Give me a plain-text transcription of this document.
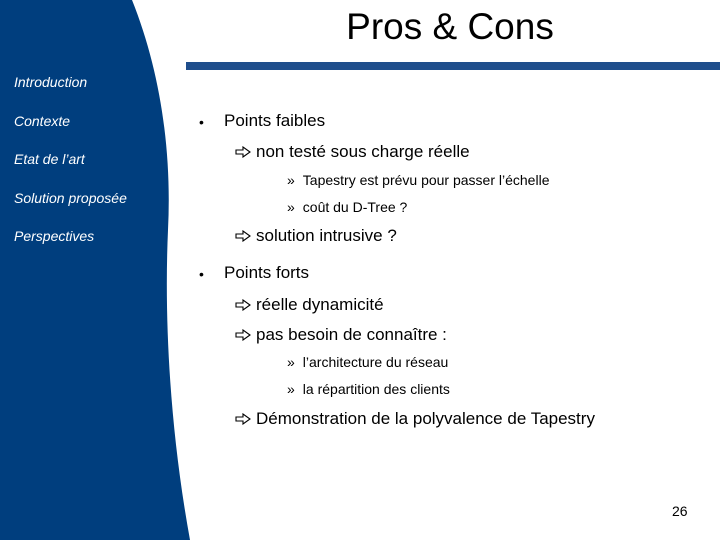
Pros & Cons
Introduction
Contexte
Etat de l’art
Solution proposée
Perspectives
• Points faibles
non testé sous charge réelle
» Tapestry est prévu pour passer l’échelle
» coût du D-Tree ?
solution intrusive ?
• Points forts
réelle dynamicité
pas besoin de connaître :
» l’architecture du réseau
» la répartition des clients
Démonstration de la polyvalence de Tapestry
26
